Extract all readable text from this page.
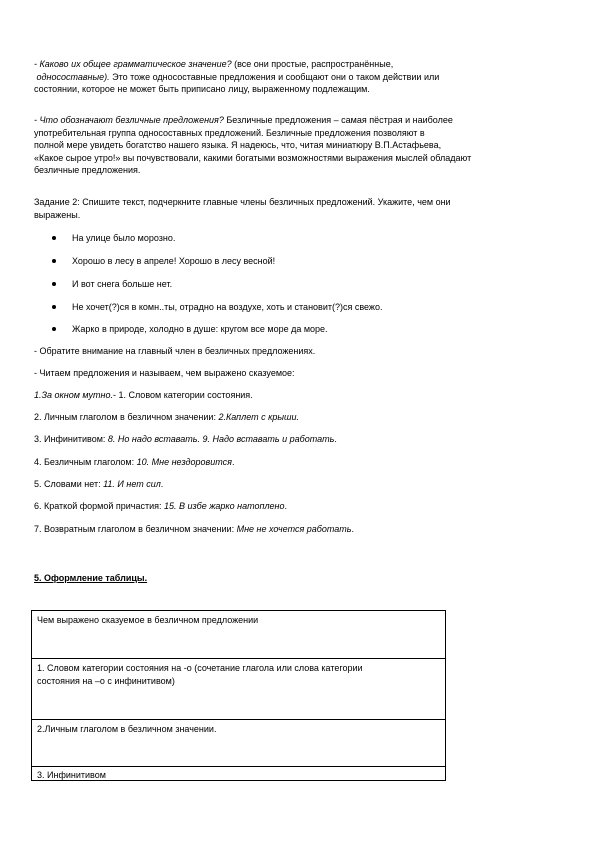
- Каково их общее грамматическое значение? (все они простые, распространённые,
односоставные). Это тоже односоставные предложения и сообщают они о таком действии или
состоянии, которое не может быть приписано лицу, выраженному подлежащим.
- Что обозначают безличные предложения? Безличные предложения – самая пёстрая и наиболее
употребительная группа односоставных предложений. Безличные предложения позволяют в
полной мере увидеть богатство нашего языка. Я надеюсь, что, читая миниатюру В.П.Астафьева,
«Какое сырое утро!» вы почувствовали, какими богатыми возможностями выражения мыслей обладают
безличные предложения.
Задание 2: Спишите текст, подчеркните главные члены безличных предложений. Укажите, чем они
выражены.
На улице было морозно.
Хорошо в лесу в апреле! Хорошо в лесу весной!
И вот снега больше нет.
Не хочет(?)ся в комн..ты, отрадно на воздухе, хоть и становит(?)ся свежо.
Жарко в природе, холодно в душе: кругом все море да море.
- Обратите внимание на главный член в безличных предложениях.
- Читаем предложения и называем, чем выражено сказуемое:
1.За окном мутно.- 1. Словом категории состояния.
2. Личным глаголом в безличном значении: 2.Каплет с крыши.
3. Инфинитивом: 8. Но надо вставать. 9. Надо вставать и работать.
4. Безличным глаголом: 10. Мне нездоровится.
5. Словами нет: 11. И нет сил.
6. Краткой формой причастия: 15. В избе жарко натоплено.
7. Возвратным глаголом в безличном значении: Мне не хочется работать.
5. Оформление таблицы.
Чем выражено сказуемое в безличном предложении
1. Словом категории состояния на -о (сочетание глагола или слова категории
состояния на –о с инфинитивом)
2.Личным глаголом в безличном значении.
3. Инфинитивом
